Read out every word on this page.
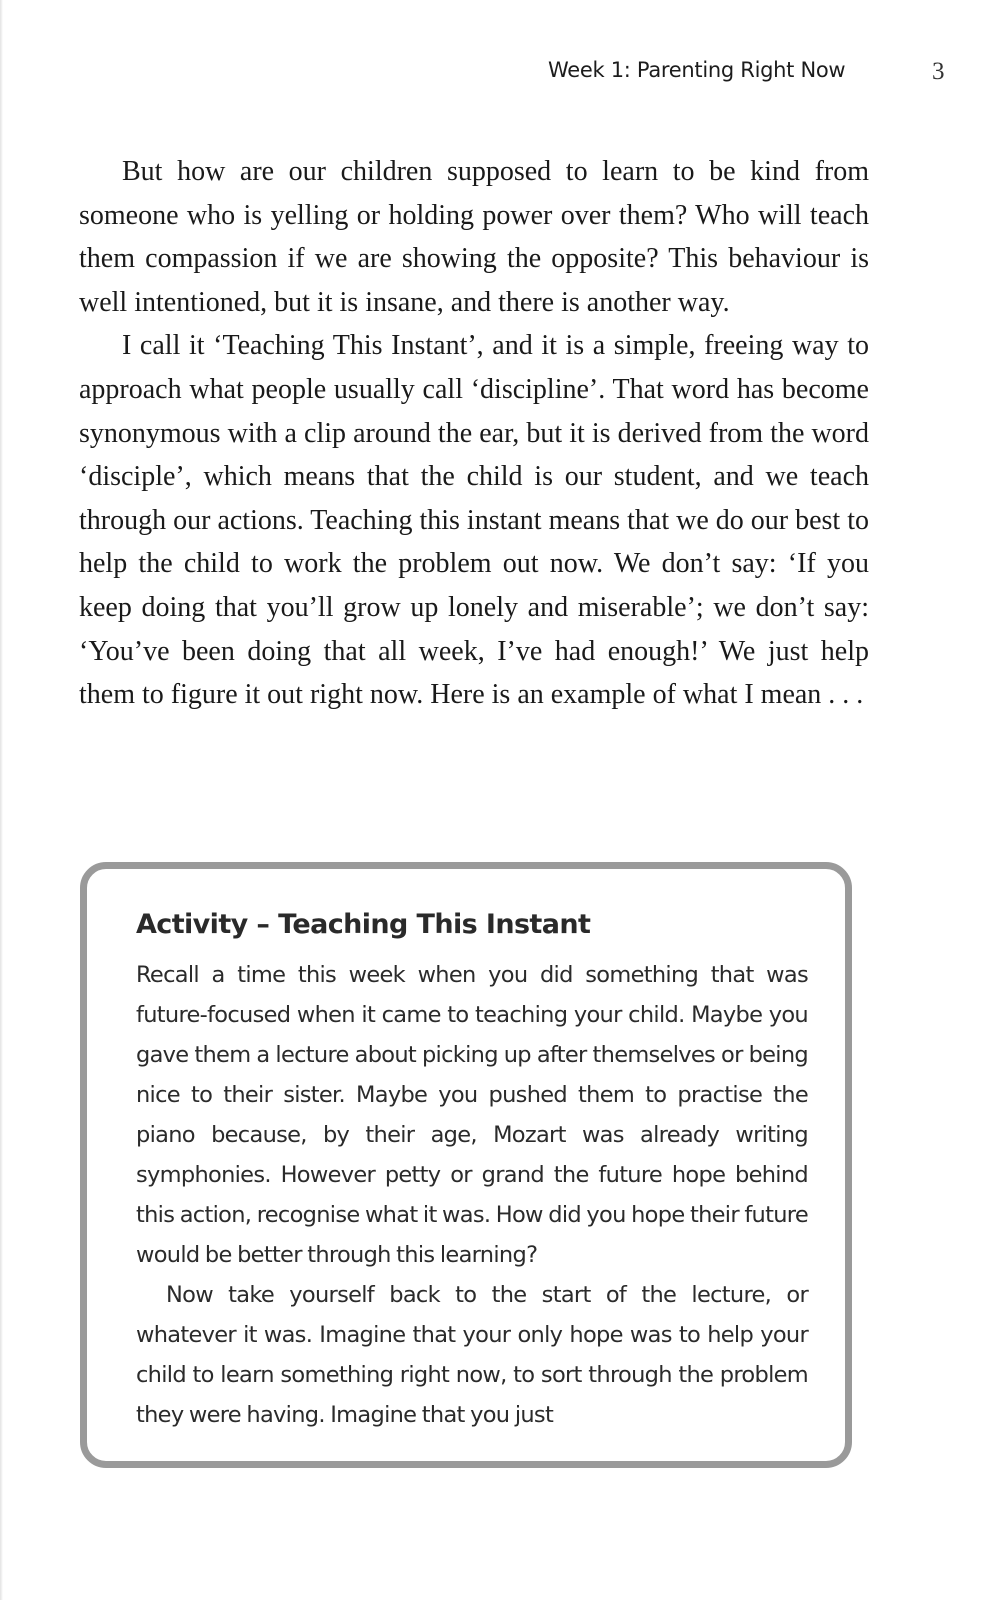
Week 1: Parenting Right Now	3

But how are our children supposed to learn to be kind from someone who is yelling or holding power over them? Who will teach them compassion if we are showing the opposite? This behaviour is well intentioned, but it is insane, and there is another way.

I call it ‘Teaching This Instant’, and it is a simple, freeing way to approach what people usually call ‘discipline’. That word has become synonymous with a clip around the ear, but it is derived from the word ‘disciple’, which means that the child is our student, and we teach through our actions. Teaching this instant means that we do our best to help the child to work the problem out now. We don’t say: ‘If you keep doing that you’ll grow up lonely and miserable’; we don’t say: ‘You’ve been doing that all week, I’ve had enough!’ We just help them to figure it out right now. Here is an example of what I mean . . .

Activity – Teaching This Instant

Recall a time this week when you did something that was future-focused when it came to teaching your child. Maybe you gave them a lecture about picking up after themselves or being nice to their sister. Maybe you pushed them to practise the piano because, by their age, Mozart was already writing symphonies. However petty or grand the future hope behind this action, recognise what it was. How did you hope their future would be better through this learning?

Now take yourself back to the start of the lecture, or whatever it was. Imagine that your only hope was to help your child to learn something right now, to sort through the problem they were having. Imagine that you just
